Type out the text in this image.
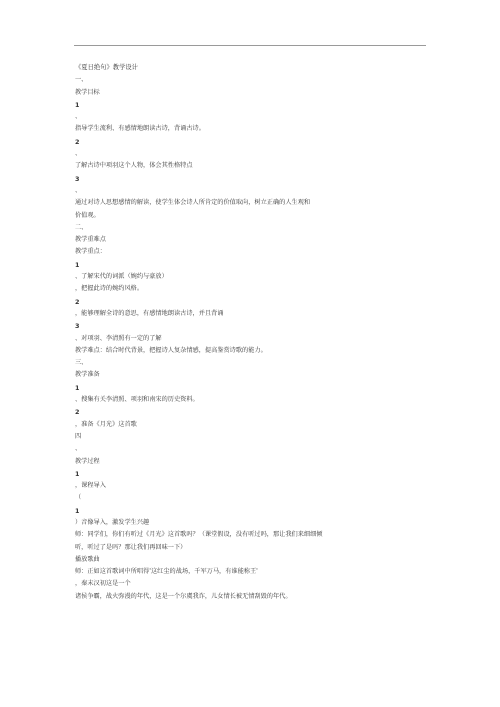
《夏日绝句》教学设计
一、
教学目标
1
、
指导学生流利、有感情地朗读古诗，背诵古诗。
2
、
了解古诗中项羽这个人物，体会其性格特点
3
、
通过对诗人思想感情的解读，使学生体会诗人所肯定的价值取向，树立正确的人生观和
价值观。
二、
教学重难点
教学重点：
1
、了解宋代的词派（婉约与豪放）
，把握此诗的婉约风格。
2
，能够理解全诗的意思，有感情地朗读古诗，并且背诵
3
、对项羽、李清照有一定的了解
教学难点：结合时代背景，把握诗人复杂情感，提高鉴赏诗歌的能力。
三、
教学准备
1
、搜集有关李清照、项羽和南宋的历史资料。
2
，准备《月光》这首歌
四
、
教学过程
1
，课程导入
（
1
）音像导入，激发学生兴趣
师：同学们，你们有听过《月光》这首歌吗？（课堂假设，没有听过吗，那让我们来细细倾
听，听过了是吗？那让我们再回味一下）
播放歌曲
师：正如这首歌词中所唱得'这红尘的战场，千军万马，有谁能称王'
，秦末汉初这是一个
诸侯争霸，战火弥漫的年代，这是一个尔虞我诈，儿女情长被无情刮毁的年代。
